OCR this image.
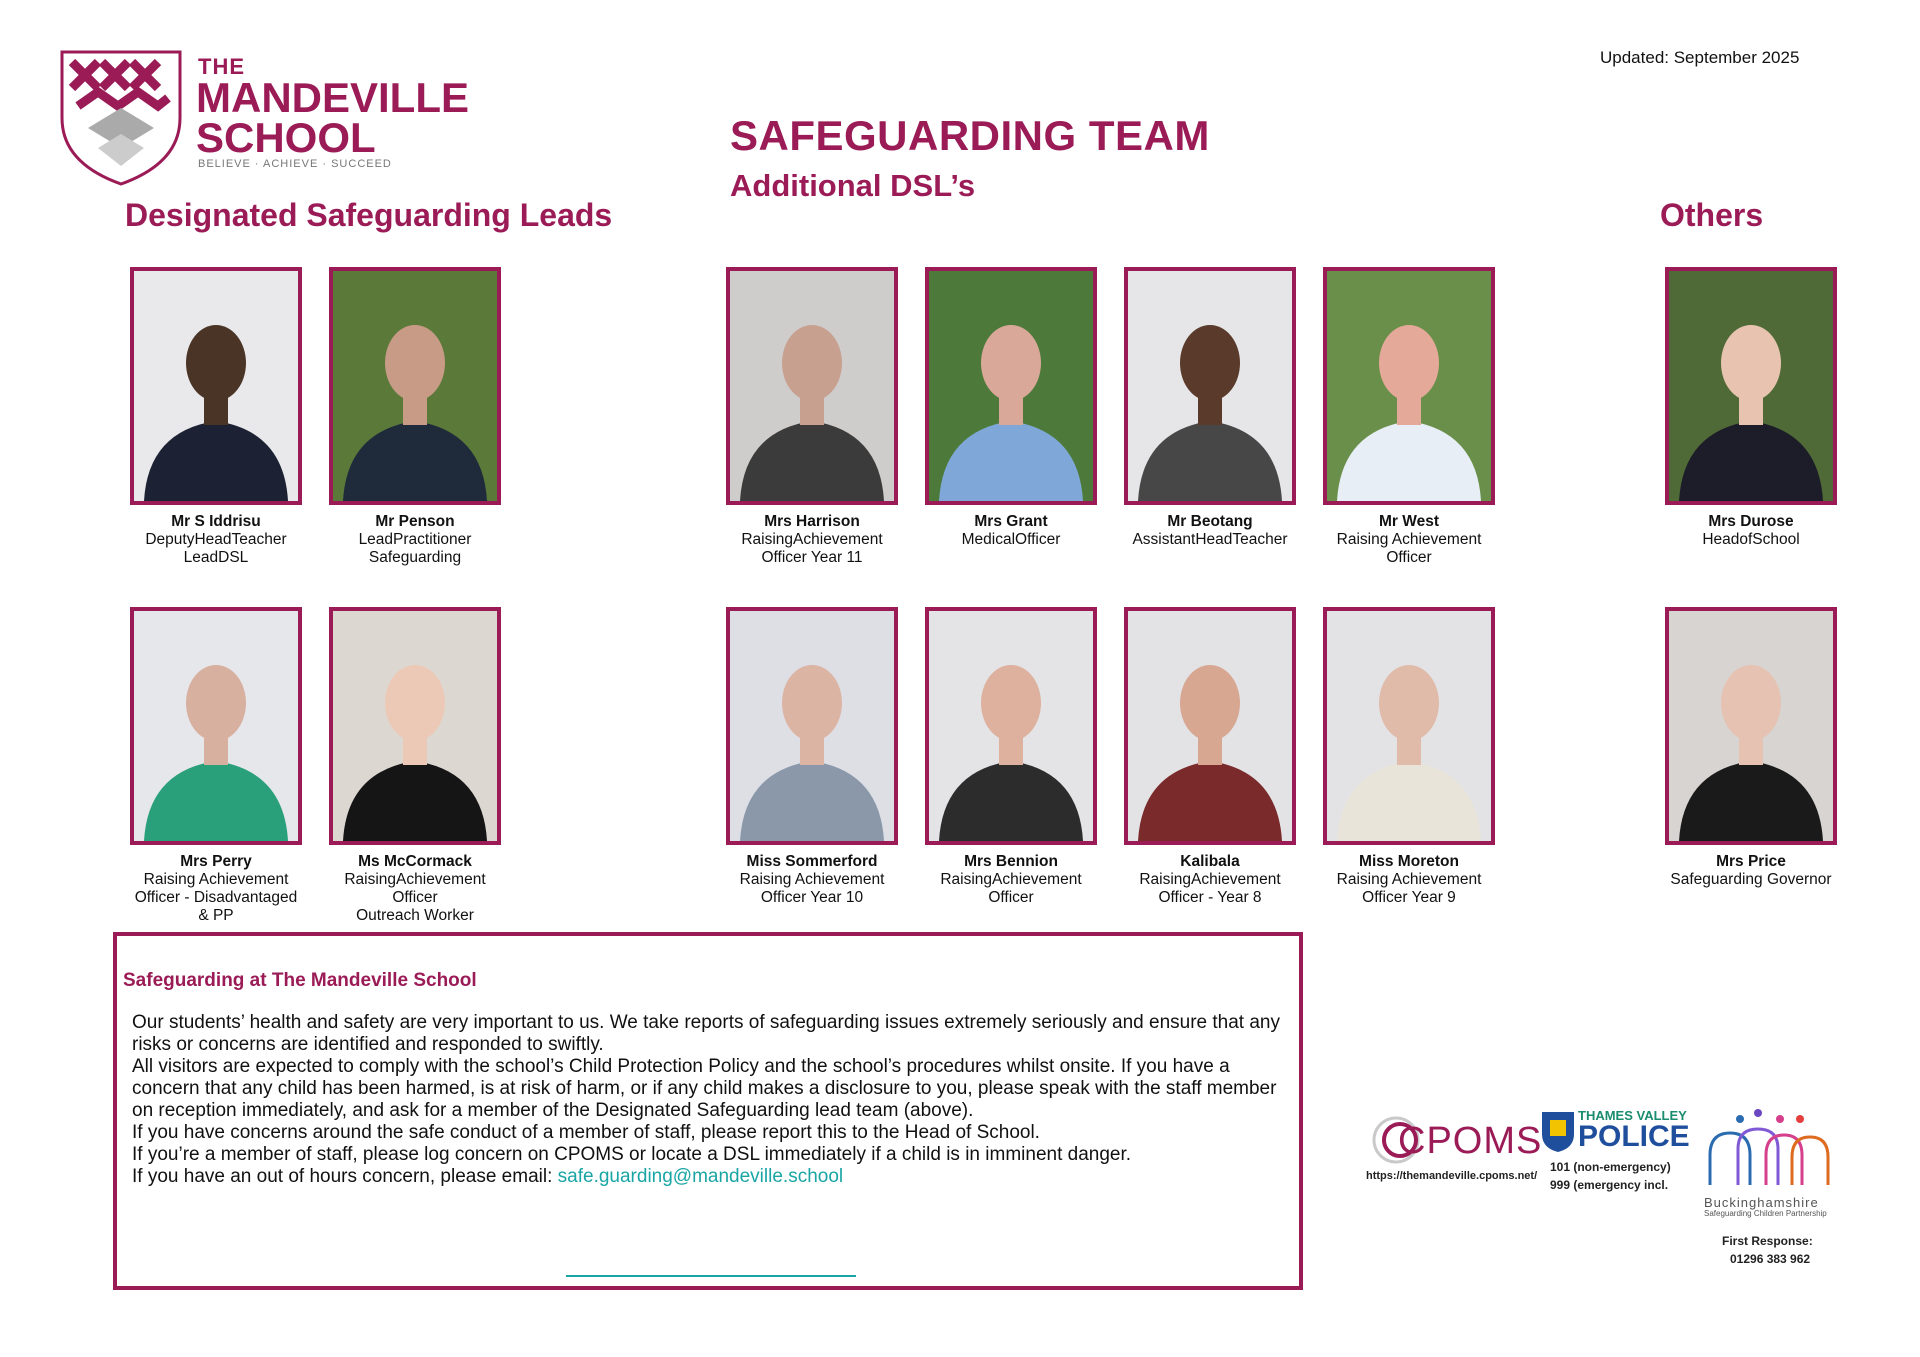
THE
MANDEVILLE
SCHOOL
BELIEVE · ACHIEVE · SUCCEED
Updated: September 2025
SAFEGUARDING TEAM
Additional DSL’s
Designated Safeguarding Leads	Others
Mr S Iddrisu
DeputyHeadTeacher
LeadDSL
Mr Penson
LeadPractitioner
Safeguarding
Mrs Harrison
RaisingAchievement
Officer Year 11
Mrs Grant
MedicalOfficer
Mr Beotang
AssistantHeadTeacher
Mr West
Raising Achievement
Officer
Mrs Durose
HeadofSchool
Mrs Perry
Raising Achievement
Officer - Disadvantaged
& PP
Ms McCormack
RaisingAchievement
Officer
Outreach Worker
Miss Sommerford
Raising Achievement
Officer Year 10
Mrs Bennion
RaisingAchievement
Officer
Kalibala
RaisingAchievement
Officer - Year 8
Miss Moreton
Raising Achievement
Officer Year 9
Mrs Price
Safeguarding Governor
Safeguarding at The Mandeville School

Our students’ health and safety are very important to us. We take reports of safeguarding issues extremely seriously and ensure that any risks or concerns are identified and responded to swiftly.

All visitors are expected to comply with the school’s Child Protection Policy and the school’s procedures whilst onsite. If you have a concern that any child has been harmed, is at risk of harm, or if any child makes a disclosure to you, please speak with the staff member on reception immediately, and ask for a member of the Designated Safeguarding lead team (above).

If you have concerns around the safe conduct of a member of staff, please report this to the Head of School.

If you’re a member of staff, please log concern on CPOMS or locate a DSL immediately if a child is in imminent danger.

If you have an out of hours concern, please email: safe.guarding@mandeville.school

CPOMS
https://themandeville.cpoms.net/
THAMES VALLEY
POLICE
101 (non-emergency)
999 (emergency incl.
Buckinghamshire
Safeguarding Children Partnership
First Response:
01296 383 962
